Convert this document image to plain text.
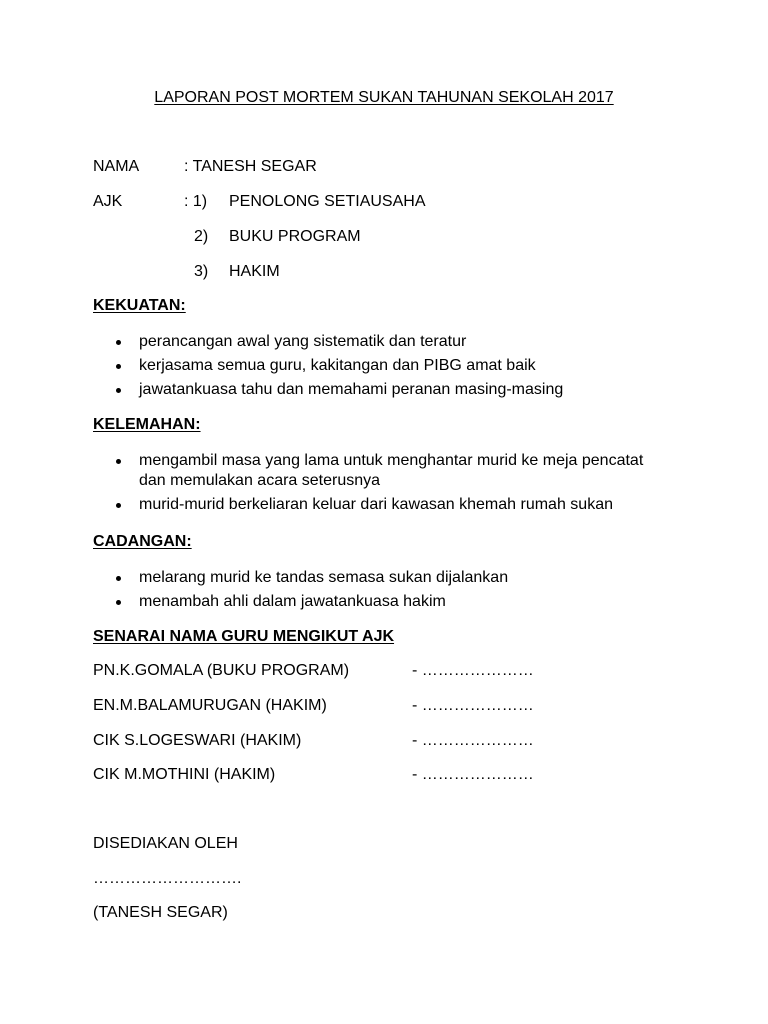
LAPORAN POST MORTEM SUKAN TAHUNAN SEKOLAH 2017
NAMA	: TANESH SEGAR
AJK	: 1) PENOLONG SETIAUSAHA
2) BUKU PROGRAM
3) HAKIM
KEKUATAN:
perancangan awal yang sistematik dan teratur
kerjasama semua guru, kakitangan dan PIBG amat baik
jawatankuasa tahu dan memahami peranan masing-masing
KELEMAHAN:
mengambil masa yang lama untuk menghantar murid ke meja pencatat dan memulakan acara seterusnya
murid-murid berkeliaran keluar dari kawasan khemah rumah sukan
CADANGAN:
melarang murid ke tandas semasa sukan dijalankan
menambah ahli dalam jawatankuasa hakim
SENARAI NAMA GURU MENGIKUT AJK
PN.K.GOMALA (BUKU PROGRAM)	- …………………
EN.M.BALAMURUGAN (HAKIM)	- …………………
CIK S.LOGESWARI (HAKIM)	- …………………
CIK M.MOTHINI (HAKIM)	- …………………
DISEDIAKAN OLEH
……………………….
(TANESH SEGAR)
